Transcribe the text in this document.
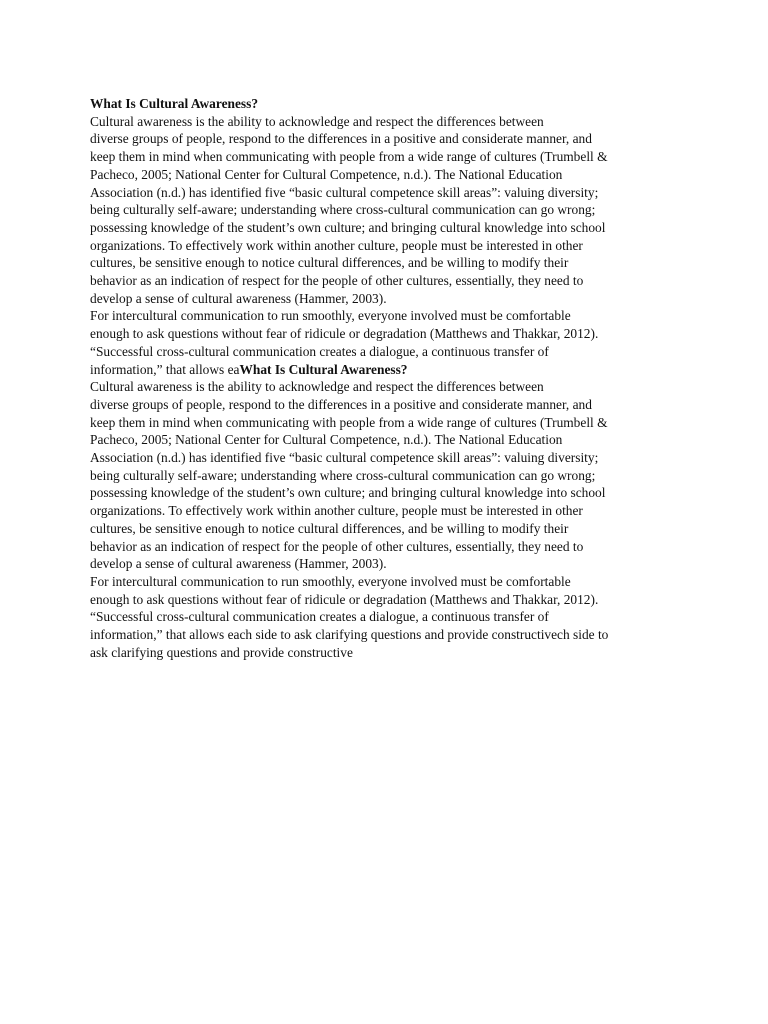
What Is Cultural Awareness?
Cultural awareness is the ability to acknowledge and respect the differences between
diverse groups of people, respond to the differences in a positive and considerate manner, and
keep them in mind when communicating with people from a wide range of cultures (Trumbell &
Pacheco, 2005; National Center for Cultural Competence, n.d.). The National Education
Association (n.d.) has identified five “basic cultural competence skill areas”: valuing diversity;
being culturally self-aware; understanding where cross-cultural communication can go wrong;
possessing knowledge of the student’s own culture; and bringing cultural knowledge into school
organizations. To effectively work within another culture, people must be interested in other
cultures, be sensitive enough to notice cultural differences, and be willing to modify their
behavior as an indication of respect for the people of other cultures, essentially, they need to
develop a sense of cultural awareness (Hammer, 2003).
For intercultural communication to run smoothly, everyone involved must be comfortable
enough to ask questions without fear of ridicule or degradation (Matthews and Thakkar, 2012).
“Successful cross-cultural communication creates a dialogue, a continuous transfer of
information,” that allows eaWhat Is Cultural Awareness?
Cultural awareness is the ability to acknowledge and respect the differences between
diverse groups of people, respond to the differences in a positive and considerate manner, and
keep them in mind when communicating with people from a wide range of cultures (Trumbell &
Pacheco, 2005; National Center for Cultural Competence, n.d.). The National Education
Association (n.d.) has identified five “basic cultural competence skill areas”: valuing diversity;
being culturally self-aware; understanding where cross-cultural communication can go wrong;
possessing knowledge of the student’s own culture; and bringing cultural knowledge into school
organizations. To effectively work within another culture, people must be interested in other
cultures, be sensitive enough to notice cultural differences, and be willing to modify their
behavior as an indication of respect for the people of other cultures, essentially, they need to
develop a sense of cultural awareness (Hammer, 2003).
For intercultural communication to run smoothly, everyone involved must be comfortable
enough to ask questions without fear of ridicule or degradation (Matthews and Thakkar, 2012).
“Successful cross-cultural communication creates a dialogue, a continuous transfer of
information,” that allows each side to ask clarifying questions and provide constructivech side to
ask clarifying questions and provide constructive
